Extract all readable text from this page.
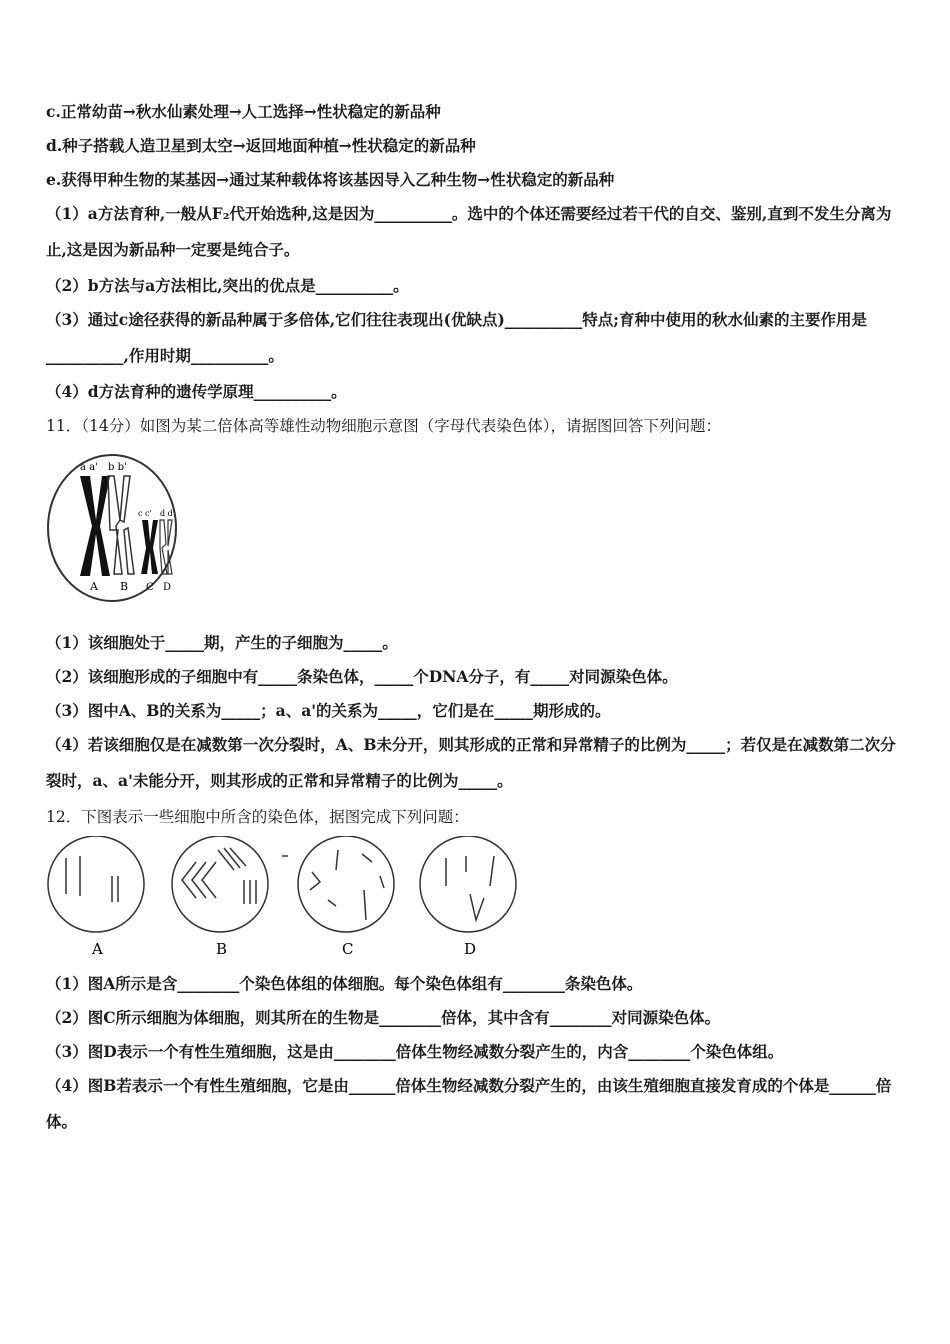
c.正常幼苗→秋水仙素处理→人工选择→性状稳定的新品种
d.种子搭载人造卫星到太空→返回地面种植→性状稳定的新品种
e.获得甲种生物的某基因→通过某种载体将该基因导入乙种生物→性状稳定的新品种
（1）a方法育种,一般从F₂代开始选种,这是因为__________。选中的个体还需要经过若干代的自交、鉴别,直到不发生分离为止,这是因为新品种一定要是纯合子。
（2）b方法与a方法相比,突出的优点是__________。
（3）通过c途径获得的新品种属于多倍体,它们往往表现出(优缺点)__________特点;育种中使用的秋水仙素的主要作用是__________,作用时期__________。
（4）d方法育种的遗传学原理__________。
11．（14分）如图为某二倍体高等雄性动物细胞示意图（字母代表染色体），请据图回答下列问题：
a a' b b'
c c' d d'
A B C D
（1）该细胞处于_____期，产生的子细胞为_____。
（2）该细胞形成的子细胞中有_____条染色体，_____个DNA分子，有_____对同源染色体。
（3）图中A、B的关系为_____；a、a'的关系为_____，它们是在_____期形成的。
（4）若该细胞仅是在减数第一次分裂时，A、B未分开，则其形成的正常和异常精子的比例为_____；若仅是在减数第二次分裂时，a、a'未能分开，则其形成的正常和异常精子的比例为_____。
12．下图表示一些细胞中所含的染色体，据图完成下列问题：
A	B	C	D
（1）图A所示是含________个染色体组的体细胞。每个染色体组有________条染色体。
（2）图C所示细胞为体细胞，则其所在的生物是________倍体，其中含有________对同源染色体。
（3）图D表示一个有性生殖细胞，这是由________倍体生物经减数分裂产生的，内含________个染色体组。
（4）图B若表示一个有性生殖细胞，它是由______倍体生物经减数分裂产生的，由该生殖细胞直接发育成的个体是______倍体。
